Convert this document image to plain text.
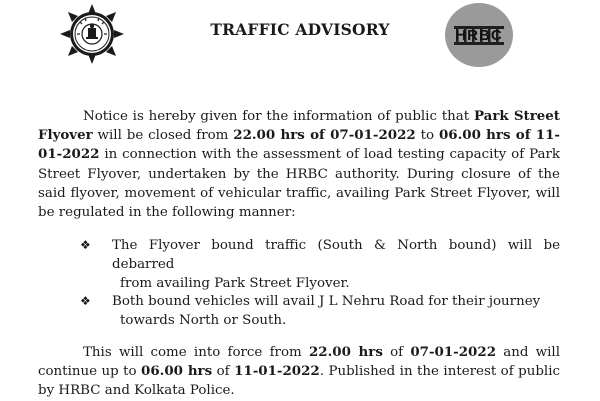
TRAFFIC ADVISORY	HRBC

Notice is hereby given for the information of public that Park Street Flyover will be closed from 22.00 hrs of 07-01-2022 to 06.00 hrs of 11-01-2022 in connection with the assessment of load testing capacity of Park Street Flyover, undertaken by the HRBC authority. During closure of the said flyover, movement of vehicular traffic, availing Park Street Flyover, will be regulated in the following manner:

❖	The Flyover bound traffic (South & North bound) will be debarred
from availing Park Street Flyover.
❖	Both bound vehicles will avail J L Nehru Road for their journey
towards North or South.

This will come into force from 22.00 hrs of 07-01-2022 and will continue up to 06.00 hrs of 11-01-2022. Published in the interest of public by HRBC and Kolkata Police.
